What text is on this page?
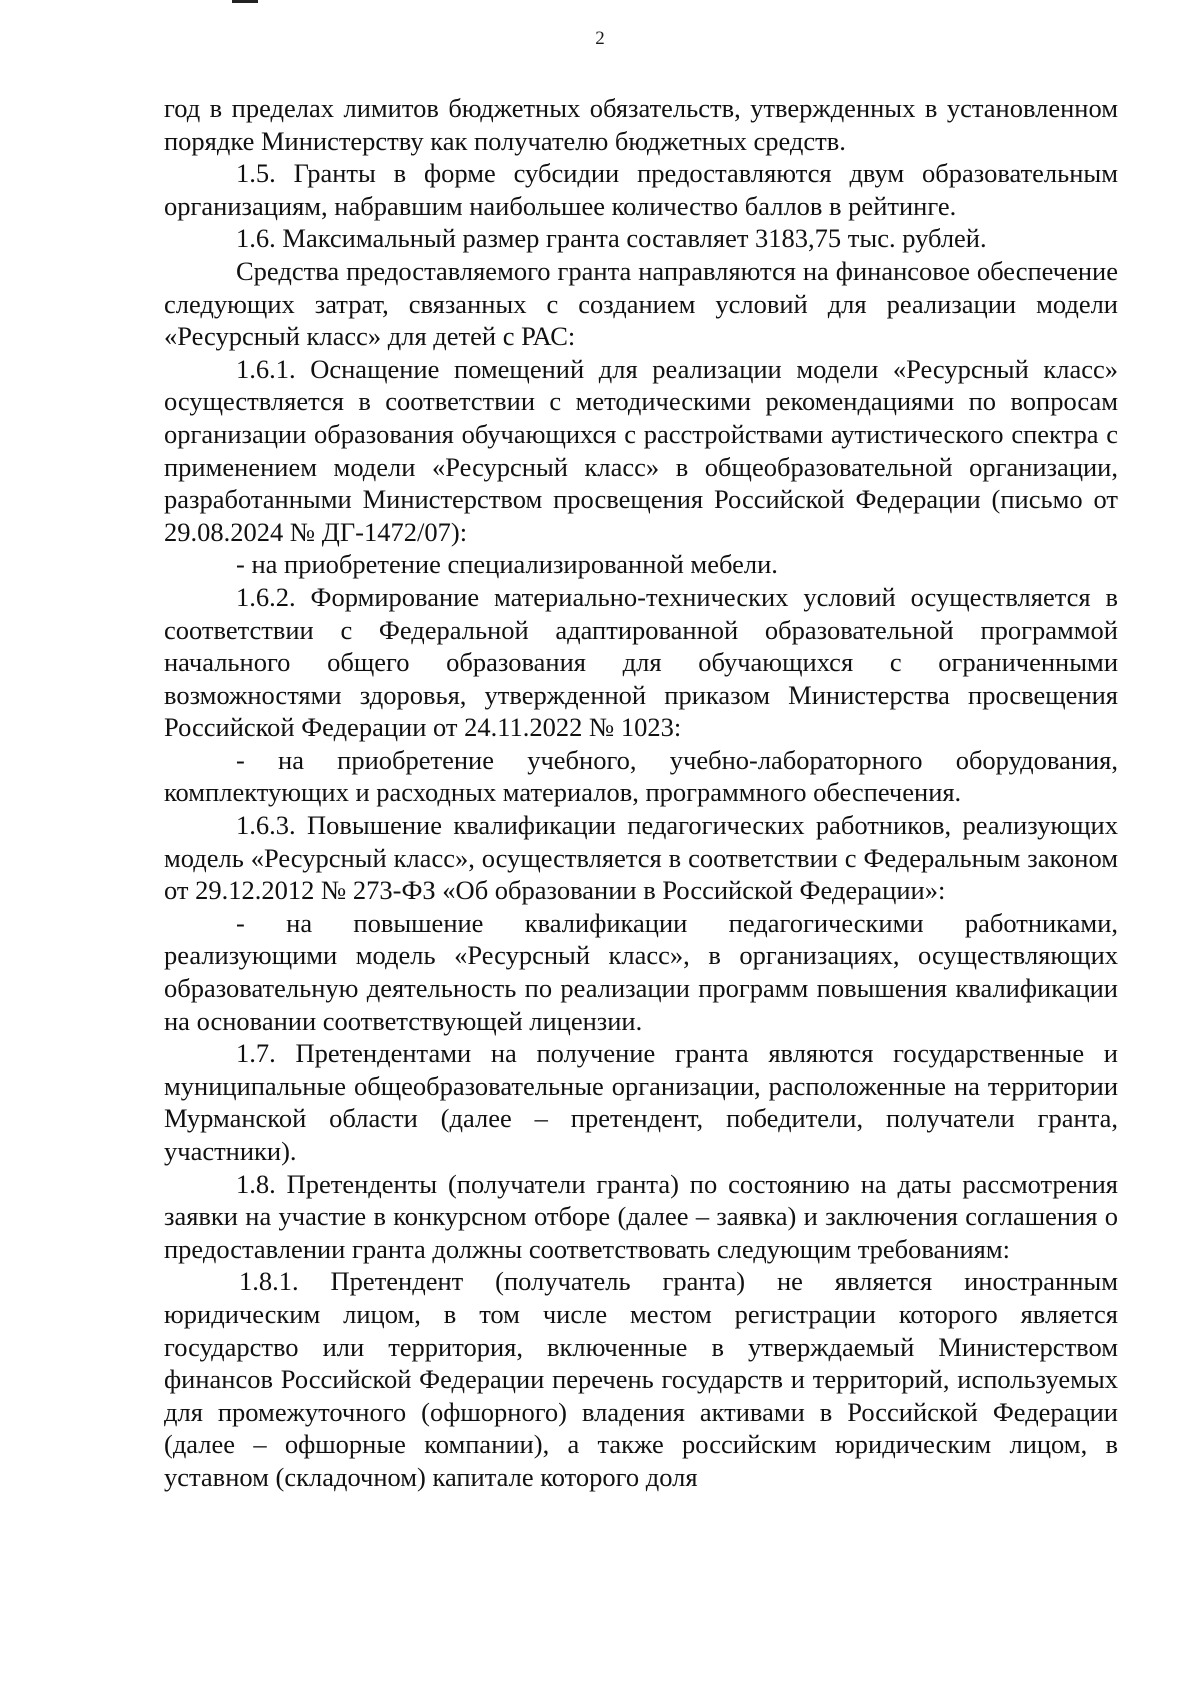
2

год в пределах лимитов бюджетных обязательств, утвержденных в установленном порядке Министерству как получателю бюджетных средств.

1.5. Гранты в форме субсидии предоставляются двум образовательным организациям, набравшим наибольшее количество баллов в рейтинге.

1.6. Максимальный размер гранта составляет 3183,75 тыс. рублей.

Средства предоставляемого гранта направляются на финансовое обеспечение следующих затрат, связанных с созданием условий для реализации модели «Ресурсный класс» для детей с РАС:

1.6.1. Оснащение помещений для реализации модели «Ресурсный класс» осуществляется в соответствии с методическими рекомендациями по вопросам организации образования обучающихся с расстройствами аутистического спектра с применением модели «Ресурсный класс» в общеобразовательной организации, разработанными Министерством просвещения Российской Федерации (письмо от 29.08.2024 № ДГ-1472/07):

- на приобретение специализированной мебели.

1.6.2. Формирование материально-технических условий осуществляется в соответствии с Федеральной адаптированной образовательной программой начального общего образования для обучающихся с ограниченными возможностями здоровья, утвержденной приказом Министерства просвещения Российской Федерации от 24.11.2022 № 1023:

- на приобретение учебного, учебно-лабораторного оборудования, комплектующих и расходных материалов, программного обеспечения.

1.6.3. Повышение квалификации педагогических работников, реализующих модель «Ресурсный класс», осуществляется в соответствии с Федеральным законом от 29.12.2012 № 273-ФЗ «Об образовании в Российской Федерации»:

- на повышение квалификации педагогическими работниками, реализующими модель «Ресурсный класс», в организациях, осуществляющих образовательную деятельность по реализации программ повышения квалификации на основании соответствующей лицензии.

1.7. Претендентами на получение гранта являются государственные и муниципальные общеобразовательные организации, расположенные на территории Мурманской области (далее – претендент, победители, получатели гранта, участники).

1.8. Претенденты (получатели гранта) по состоянию на даты рассмотрения заявки на участие в конкурсном отборе (далее – заявка) и заключения соглашения о предоставлении гранта должны соответствовать следующим требованиям:

1.8.1. Претендент (получатель гранта) не является иностранным юридическим лицом, в том числе местом регистрации которого является государство или территория, включенные в утверждаемый Министерством финансов Российской Федерации перечень государств и территорий, используемых для промежуточного (офшорного) владения активами в Российской Федерации (далее – офшорные компании), а также российским юридическим лицом, в уставном (складочном) капитале которого доля
